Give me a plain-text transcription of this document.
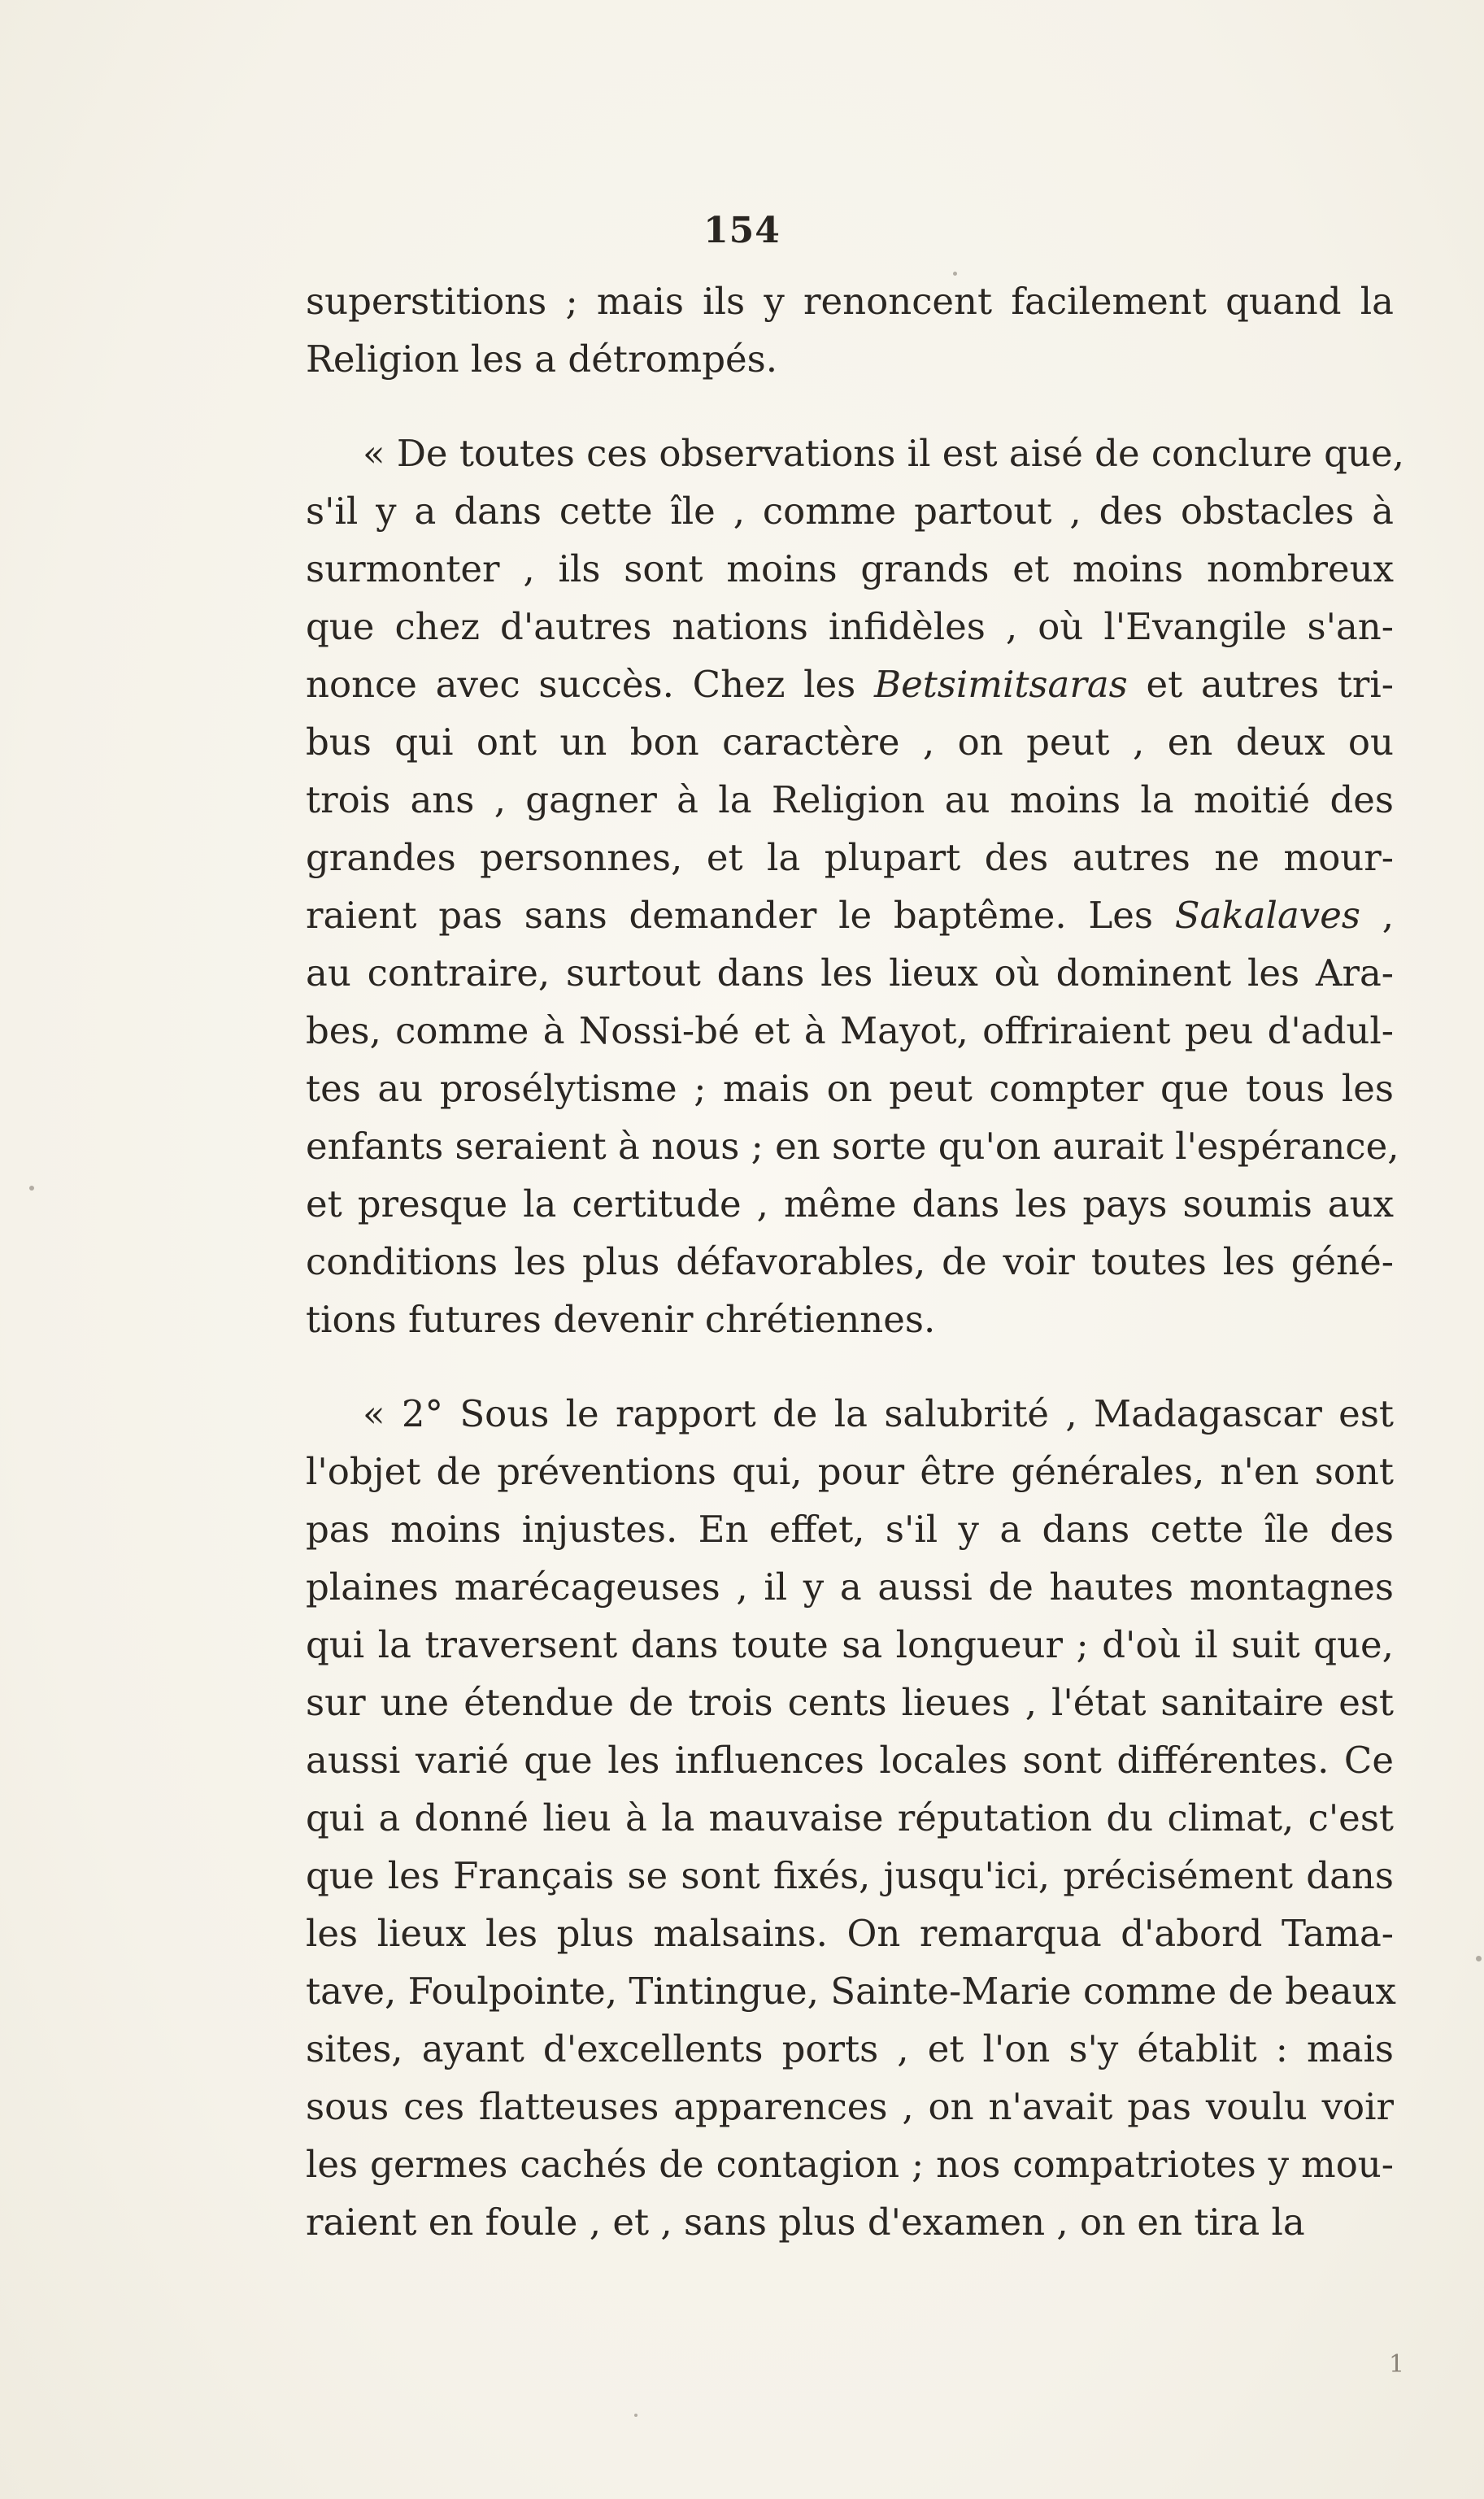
154
superstitions ; mais ils y renoncent facilement quand la
Religion les a détrompés.
« De toutes ces observations il est aisé de conclure que,
s'il y a dans cette île , comme partout , des obstacles à
surmonter , ils sont moins grands et moins nombreux
que chez d'autres nations infidèles , où l'Evangile s'an-
nonce avec succès. Chez les Betsimitsaras et autres tri-
bus qui ont un bon caractère , on peut , en deux ou
trois ans , gagner à la Religion au moins la moitié des
grandes personnes, et la plupart des autres ne mour-
raient pas sans demander le baptême. Les Sakalaves ,
au contraire, surtout dans les lieux où dominent les Ara-
bes, comme à Nossi-bé et à Mayot, offriraient peu d'adul-
tes au prosélytisme ; mais on peut compter que tous les
enfants seraient à nous ; en sorte qu'on aurait l'espérance,
et presque la certitude , même dans les pays soumis aux
conditions les plus défavorables, de voir toutes les géné-
tions futures devenir chrétiennes.
« 2° Sous le rapport de la salubrité , Madagascar est
l'objet de préventions qui, pour être générales, n'en sont
pas moins injustes. En effet, s'il y a dans cette île des
plaines marécageuses , il y a aussi de hautes montagnes
qui la traversent dans toute sa longueur ; d'où il suit que,
sur une étendue de trois cents lieues , l'état sanitaire est
aussi varié que les influences locales sont différentes. Ce
qui a donné lieu à la mauvaise réputation du climat, c'est
que les Français se sont fixés, jusqu'ici, précisément dans
les lieux les plus malsains. On remarqua d'abord Tama-
tave, Foulpointe, Tintingue, Sainte-Marie comme de beaux
sites, ayant d'excellents ports , et l'on s'y établit : mais
sous ces flatteuses apparences , on n'avait pas voulu voir
les germes cachés de contagion ; nos compatriotes y mou-
raient en foule , et , sans plus d'examen , on en tira la
1
